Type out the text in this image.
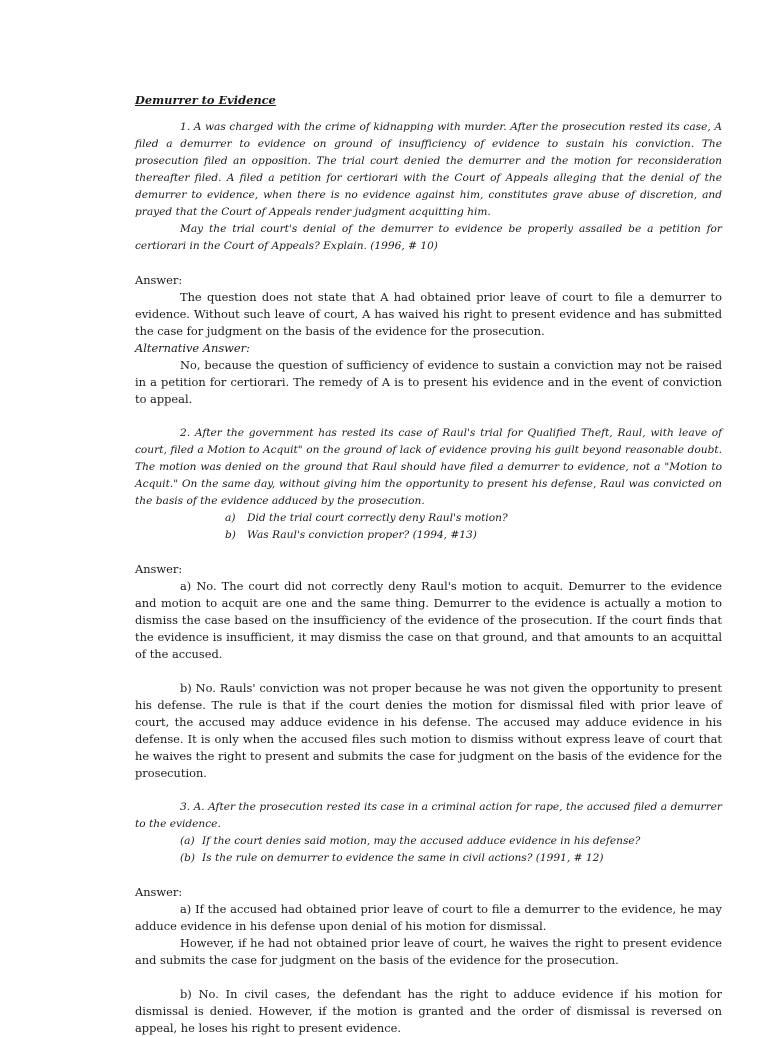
Demurrer to Evidence

1. A was charged with the crime of kidnapping with murder. After the prosecution rested its case, A filed a demurrer to evidence on ground of insufficiency of evidence to sustain his conviction. The prosecution filed an opposition. The trial court denied the demurrer and the motion for reconsideration thereafter filed. A filed a petition for certiorari with the Court of Appeals alleging that the denial of the demurrer to evidence, when there is no evidence against him, constitutes grave abuse of discretion, and prayed that the Court of Appeals render judgment acquitting him.

May the trial court's denial of the demurrer to evidence be properly assailed be a petition for certiorari in the Court of Appeals? Explain. (1996, # 10)

Answer:

The question does not state that A had obtained prior leave of court to file a demurrer to evidence. Without such leave of court, A has waived his right to present evidence and has submitted the case for judgment on the basis of the evidence for the prosecution.

Alternative Answer:

No, because the question of sufficiency of evidence to sustain a conviction may not be raised in a petition for certiorari. The remedy of A is to present his evidence and in the event of conviction to appeal.

2. After the government has rested its case of Raul's trial for Qualified Theft, Raul, with leave of court, filed a Motion to Acquit" on the ground of lack of evidence proving his guilt beyond reasonable doubt. The motion was denied on the ground that Raul should have filed a demurrer to evidence, not a "Motion to Acquit." On the same day, without giving him the opportunity to present his defense, Raul was convicted on the basis of the evidence adduced by the prosecution.

a) Did the trial court correctly deny Raul's motion?

b) Was Raul's conviction proper? (1994, #13)

Answer:

a) No. The court did not correctly deny Raul's motion to acquit. Demurrer to the evidence and motion to acquit are one and the same thing. Demurrer to the evidence is actually a motion to dismiss the case based on the insufficiency of the evidence of the prosecution. If the court finds that the evidence is insufficient, it may dismiss the case on that ground, and that amounts to an acquittal of the accused.

b) No. Rauls' conviction was not proper because he was not given the opportunity to present his defense. The rule is that if the court denies the motion for dismissal filed with prior leave of court, the accused may adduce evidence in his defense. The accused may adduce evidence in his defense. It is only when the accused files such motion to dismiss without express leave of court that he waives the right to present and submits the case for judgment on the basis of the evidence for the prosecution.

3. A. After the prosecution rested its case in a criminal action for rape, the accused filed a demurrer to the evidence.

(a) If the court denies said motion, may the accused adduce evidence in his defense?

(b) Is the rule on demurrer to evidence the same in civil actions? (1991, # 12)

Answer:

a) If the accused had obtained prior leave of court to file a demurrer to the evidence, he may adduce evidence in his defense upon denial of his motion for dismissal.

However, if he had not obtained prior leave of court, he waives the right to present evidence and submits the case for judgment on the basis of the evidence for the prosecution.

b) No. In civil cases, the defendant has the right to adduce evidence if his motion for dismissal is denied. However, if the motion is granted and the order of dismissal is reversed on appeal, he loses his right to present evidence.
